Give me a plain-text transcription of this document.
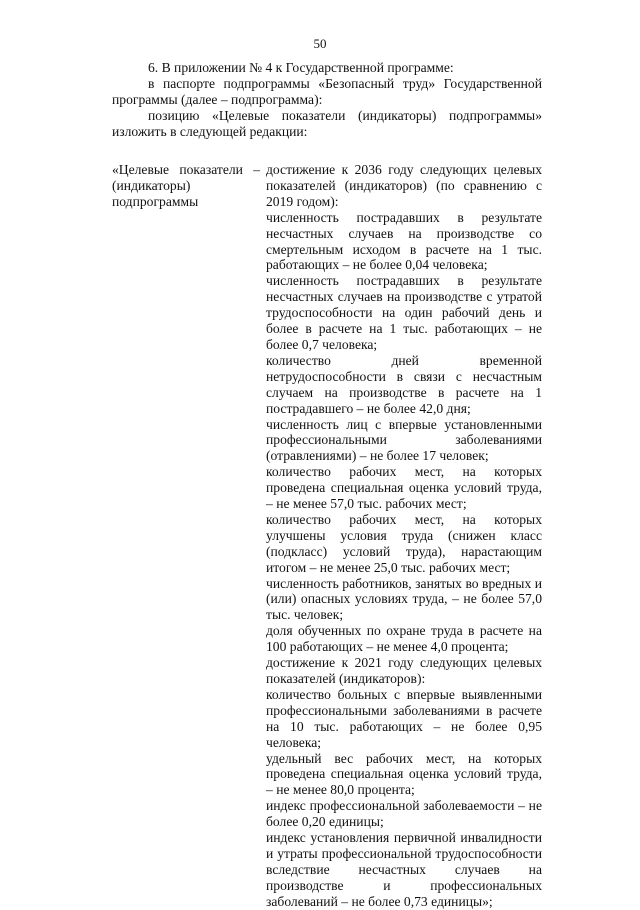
50

6. В приложении № 4 к Государственной программе:

в паспорте подпрограммы «Безопасный труд» Государственной программы (далее – подпрограмма):

позицию «Целевые показатели (индикаторы) подпрограммы» изложить в следующей редакции:

«Целевые показатели – (индикаторы) подпрограммы

достижение к 2036 году следующих целевых показателей (индикаторов) (по сравнению с 2019 годом):

численность пострадавших в результате несчастных случаев на производстве со смертельным исходом в расчете на 1 тыс. работающих – не более 0,04 человека;

численность пострадавших в результате несчастных случаев на производстве с утратой трудоспособности на один рабочий день и более в расчете на 1 тыс. работающих – не более 0,7 человека;

количество дней временной нетрудоспособности в связи с несчастным случаем на производстве в расчете на 1 пострадавшего – не более 42,0 дня;

численность лиц с впервые установленными профессиональными заболеваниями (отравлениями) – не более 17 человек;

количество рабочих мест, на которых проведена специальная оценка условий труда, – не менее 57,0 тыс. рабочих мест;

количество рабочих мест, на которых улучшены условия труда (снижен класс (подкласс) условий труда), нарастающим итогом – не менее 25,0 тыс. рабочих мест;

численность работников, занятых во вредных и (или) опасных условиях труда, – не более 57,0 тыс. человек;

доля обученных по охране труда в расчете на 100 работающих – не менее 4,0 процента;

достижение к 2021 году следующих целевых показателей (индикаторов):

количество больных с впервые выявленными профессиональными заболеваниями в расчете на 10 тыс. работающих – не более 0,95 человека;

удельный вес рабочих мест, на которых проведена специальная оценка условий труда, – не менее 80,0 процента;

индекс профессиональной заболеваемости – не более 0,20 единицы;

индекс установления первичной инвалидности и утраты профессиональной трудоспособности вследствие несчастных случаев на производстве и профессиональных заболеваний – не более 0,73 единицы»;
